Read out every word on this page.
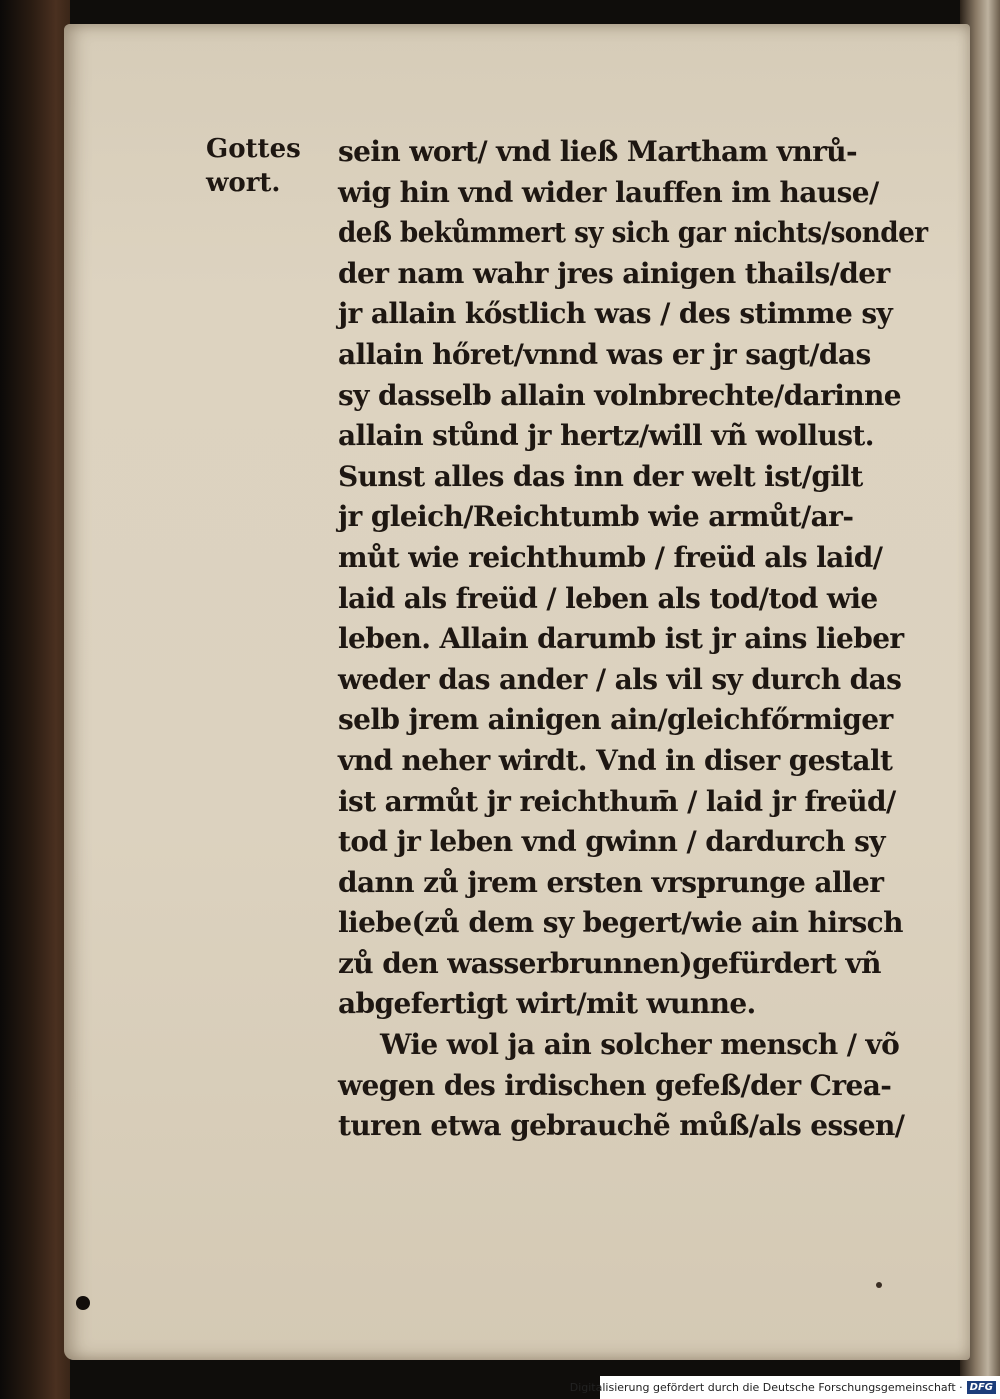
Gottes
wort.
sein wort/ vnd ließ Martham vnrů‑
wig hin vnd wider lauffen im hause/
deß bekůmmert sy sich gar nichts/sonder
der nam wahr jres ainigen thails/der
jr allain kőstlich was / des stimme sy
allain hőret/vnnd was er jr sagt/das
sy dasselb allain volnbrechte/darinne
allain stůnd jr hertz/will vñ wollust.
Sunst alles das inn der welt ist/gilt
jr gleich/Reichtumb wie armůt/ar‑
můt wie reichthumb / freüd als laid/
laid als freüd / leben als tod/tod wie
leben. Allain darumb ist jr ains lieber
weder das ander / als vil sy durch das
selb jrem ainigen ain/gleichfőrmiger
vnd neher wirdt. Vnd in diser gestalt
ist armůt jr reichthum̄ / laid jr freüd/
tod jr leben vnd gwinn / dardurch sy
dann zů jrem ersten vrsprunge aller
liebe(zů dem sy begert/wie ain hirsch
zů den wasserbrunnen)gefürdert vñ
abgefertigt wirt/mit wunne.
Wie wol ja ain solcher mensch / võ
wegen des irdischen gefeß/der Crea‑
turen etwa gebrauchẽ můß/als essen/
Digitalisierung gefördert durch die Deutsche Forschungsgemeinschaft · DFG
